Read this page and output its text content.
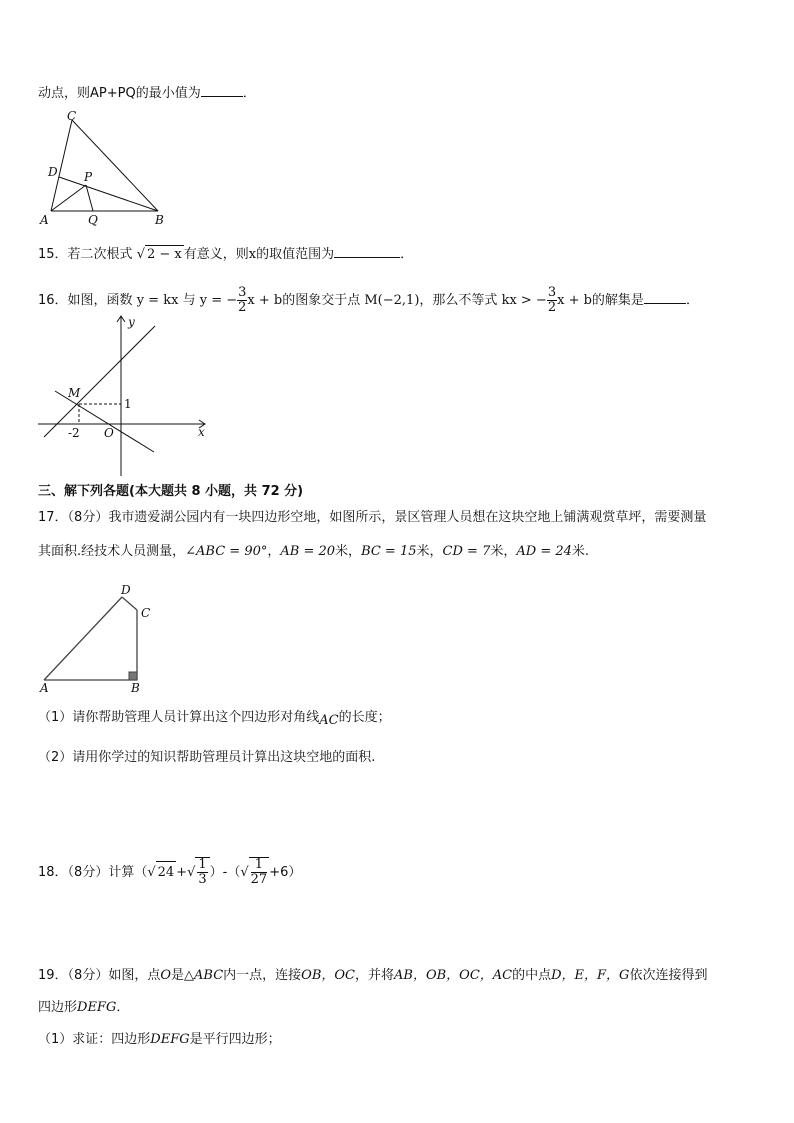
动点，则AP+PQ的最小值为	．
C
D P
A	Q	B
15．若二次根式 √ 2 − x 有意义，则x的取值范围为	．
16．如图，函数 y = kx 与 y = − $\frac{3}{2}$ x + b的图象交于点 M(−2,1)，那么不等式 kx > − $\frac{3}{2}$ x + b的解集是	．
y
x
M
O
1
-2
三、解下列各题(本大题共 8 小题，共 72 分)
17．（8分）我市遗爱湖公园内有一块四边形空地，如图所示，景区管理人员想在这块空地上铺满观赏草坪，需要测量
其面积.经技术人员测量，∠ABC = 90°，AB = 20米，BC = 15米，CD = 7米，AD = 24米.
D
C
A	B
（1）请你帮助管理人员计算出这个四边形对角线AC的长度；
（2）请用你学过的知识帮助管理员计算出这块空地的面积.
18．（8分）计算（√ 24 +√ $\frac{1}{3}$ ）-（√ $\frac{1}{27} +6$）
19．（8分）如图，点O是△ABC内一点，连接OB，OC，并将AB，OB，OC，AC的中点D，E，F，G依次连接得到
四边形DEFG．
（1）求证：四边形DEFG是平行四边形；
